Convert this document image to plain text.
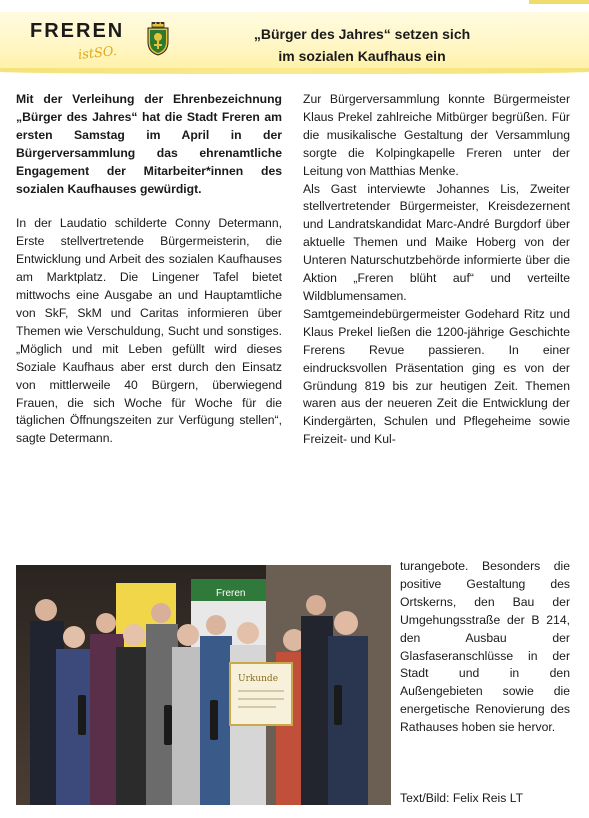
FREREN
istSO.
„Bürger des Jahres“ setzen sich
im sozialen Kaufhaus ein

Mit der Verleihung der Ehrenbezeichnung „Bürger des Jahres“ hat die Stadt Freren am ersten Samstag im April in der Bürgerversammlung das ehrenamtliche Engagement der Mitarbeiter*innen des sozialen Kaufhauses gewürdigt.

In der Laudatio schilderte Conny Determann, Erste stellvertretende Bürgermeisterin, die Entwicklung und Arbeit des sozialen Kaufhauses am Marktplatz. Die Lingener Tafel bietet mittwochs eine Ausgabe an und Hauptamtliche von SkF, SkM und Caritas informieren über Themen wie Verschuldung, Sucht und sonstiges. „Möglich und mit Leben gefüllt wird dieses Soziale Kaufhaus aber erst durch den Einsatz von mittlerweile 40 Bürgern, überwiegend Frauen, die sich Woche für Woche für die täglichen Öffnungszeiten zur Verfügung stellen“, sagte Determann.

Zur Bürgerversammlung konnte Bürgermeister Klaus Prekel zahlreiche Mitbürger begrüßen. Für die musikalische Gestaltung der Versammlung sorgte die Kolpingkapelle Freren unter der Leitung von Matthias Menke.

Als Gast interviewte Johannes Lis, Zweiter stellvertretender Bürgermeister, Kreisdezernent und Landratskandidat Marc-André Burgdorf über aktuelle Themen und Maike Hoberg von der Unteren Naturschutzbehörde informierte über die Aktion „Freren blüht auf“ und verteilte Wildblumensamen.

Samtgemeindebürgermeister Godehard Ritz und Klaus Prekel ließen die 1200-jährige Geschichte Frerens Revue passieren. In einer eindrucksvollen Präsentation ging es von der Gründung 819 bis zur heutigen Zeit. Themen waren aus der neueren Zeit die Entwicklung der Kindergärten, Schulen und Pflegeheime sowie Freizeit- und Kul-

turangebote. Besonders die positive Gestaltung des Ortskerns, den Bau der Umgehungsstraße der B 214, den Ausbau der Glasfaseranschlüsse in der Stadt und in den Außengebieten sowie die energetische Renovierung des Rathauses hoben sie hervor.
Text/Bild: Felix Reis LT
Freren
Urkunde
